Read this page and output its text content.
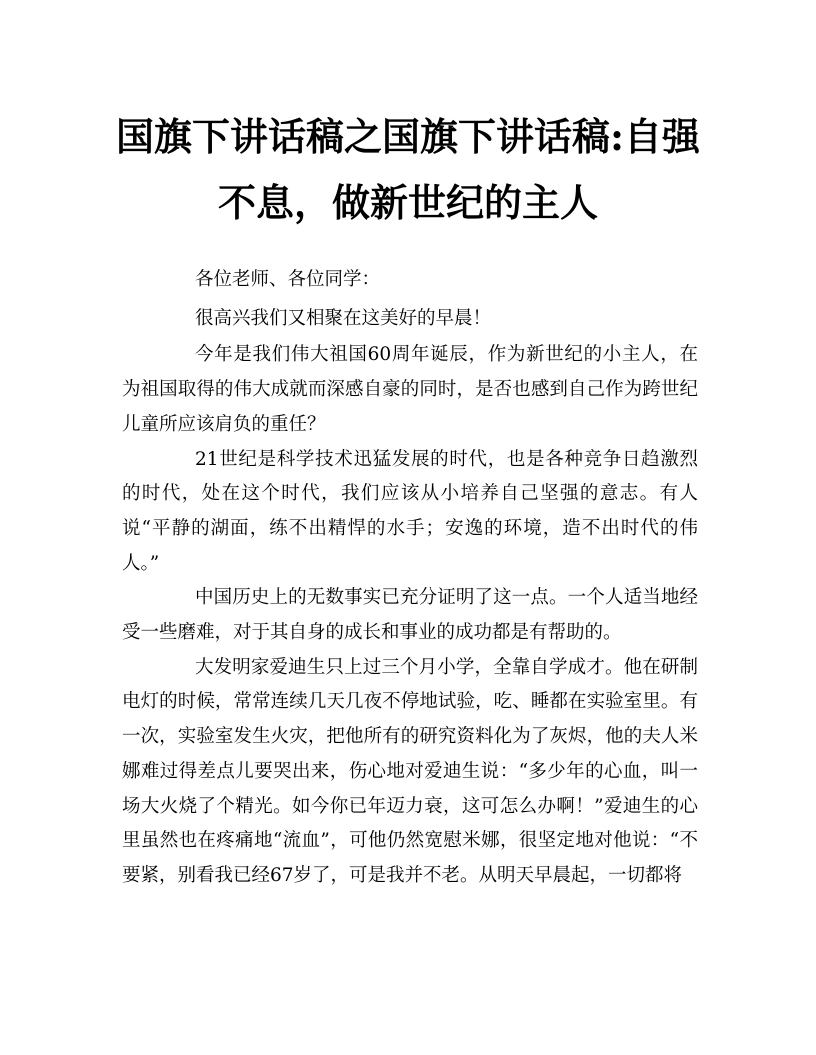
国旗下讲话稿之国旗下讲话稿:自强不息，做新世纪的主人

各位老师、各位同学：

很高兴我们又相聚在这美好的早晨！

今年是我们伟大祖国60周年诞辰，作为新世纪的小主人，在为祖国取得的伟大成就而深感自豪的同时，是否也感到自己作为跨世纪儿童所应该肩负的重任？

21世纪是科学技术迅猛发展的时代，也是各种竞争日趋激烈的时代，处在这个时代，我们应该从小培养自己坚强的意志。有人说“平静的湖面，练不出精悍的水手；安逸的环境，造不出时代的伟人。”

中国历史上的无数事实已充分证明了这一点。一个人适当地经受一些磨难，对于其自身的成长和事业的成功都是有帮助的。

大发明家爱迪生只上过三个月小学，全靠自学成才。他在研制电灯的时候，常常连续几天几夜不停地试验，吃、睡都在实验室里。有一次，实验室发生火灾，把他所有的研究资料化为了灰烬，他的夫人米娜难过得差点儿要哭出来，伤心地对爱迪生说：“多少年的心血，叫一场大火烧了个精光。如今你已年迈力衰，这可怎么办啊！”爱迪生的心里虽然也在疼痛地“流血”，可他仍然宽慰米娜，很坚定地对他说：“不要紧，别看我已经67岁了，可是我并不老。从明天早晨起，一切都将
